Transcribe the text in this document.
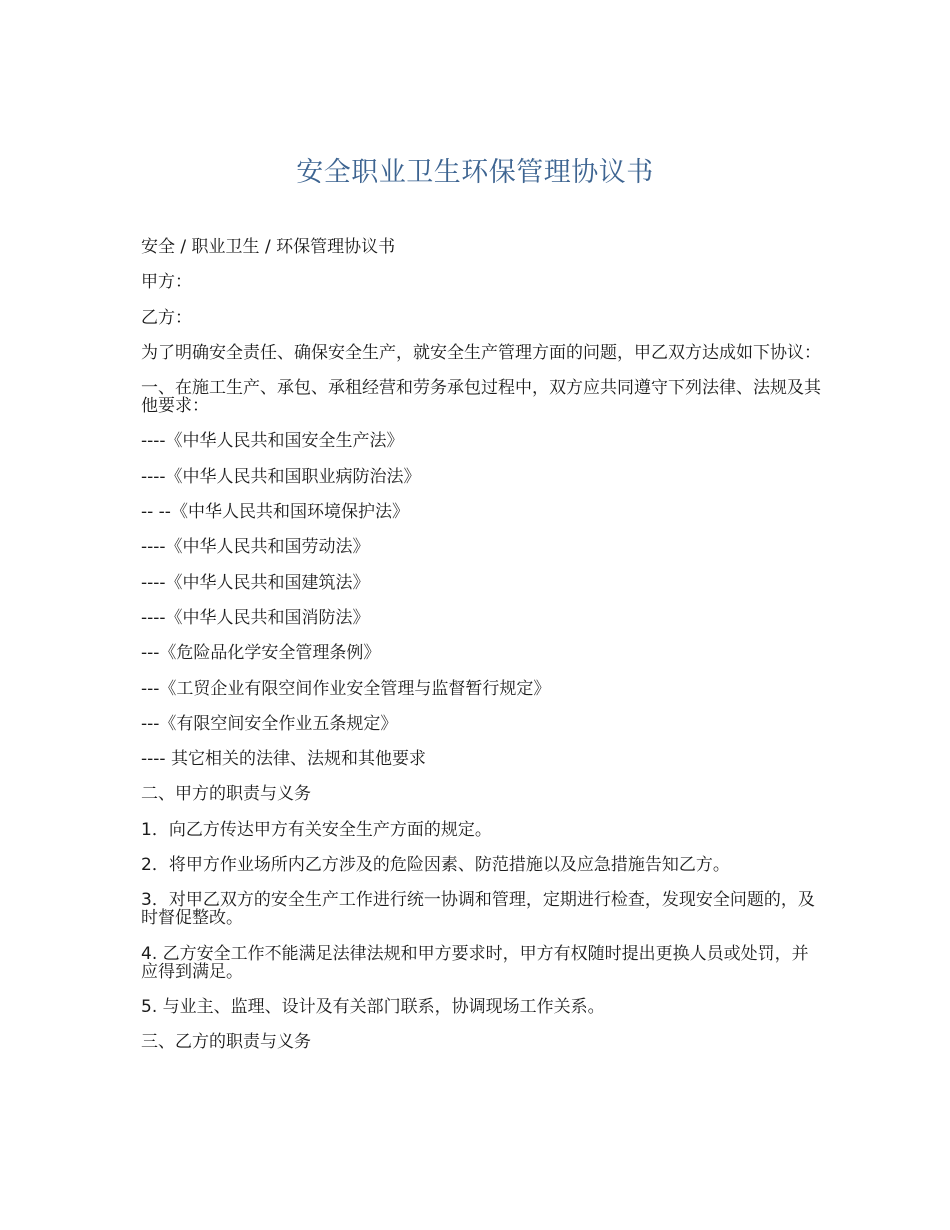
安全职业卫生环保管理协议书

安全 / 职业卫生 / 环保管理协议书

甲方：

乙方：

为了明确安全责任、确保安全生产，就安全生产管理方面的问题，甲乙双方达成如下协议：

一、在施工生产、承包、承租经营和劳务承包过程中，双方应共同遵守下列法律、法规及其他要求：

----《中华人民共和国安全生产法》

----《中华人民共和国职业病防治法》

-- --《中华人民共和国环境保护法》

----《中华人民共和国劳动法》

----《中华人民共和国建筑法》

----《中华人民共和国消防法》

---《危险品化学安全管理条例》

---《工贸企业有限空间作业安全管理与监督暂行规定》

---《有限空间安全作业五条规定》

---- 其它相关的法律、法规和其他要求

二、甲方的职责与义务

1．向乙方传达甲方有关安全生产方面的规定。

2．将甲方作业场所内乙方涉及的危险因素、防范措施以及应急措施告知乙方。

3．对甲乙双方的安全生产工作进行统一协调和管理，定期进行检查，发现安全问题的，及时督促整改。

4. 乙方安全工作不能满足法律法规和甲方要求时，甲方有权随时提出更换人员或处罚，并应得到满足。

5. 与业主、监理、设计及有关部门联系，协调现场工作关系。

三、乙方的职责与义务
